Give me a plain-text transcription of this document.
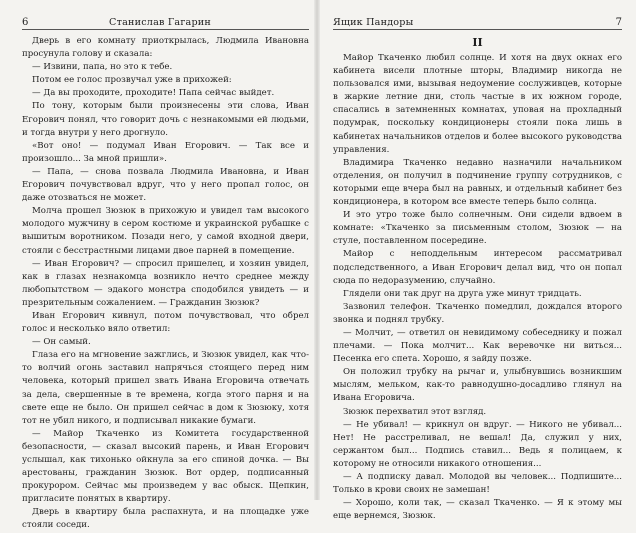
6	Станислав Гагарин

Дверь в его комнату приоткрылась, Людмила Ивановна просунула голову и сказала:

— Извини, папа, но это к тебе.

Потом ее голос прозвучал уже в прихожей:

— Да вы проходите, проходите! Папа сейчас выйдет.

По тону, которым были произнесены эти слова, Иван Егорович понял, что говорит дочь с незнакомыми ей людьми, и тогда внутри у него дрогнуло.

«Вот оно! — подумал Иван Егорович. — Так все и произошло... За мной пришли».

— Папа, — снова позвала Людмила Ивановна, и Иван Егорович почувствовал вдруг, что у него пропал голос, он даже отозваться не может.

Молча прошел Зюзюк в прихожую и увидел там высокого молодого мужчину в сером костюме и украинской рубашке с вышитым воротником. Позади него, у самой входной двери, стояли с бесстрастными лицами двое парней в помещение.

— Иван Егорович? — спросил пришелец, и хозяин увидел, как в глазах незнакомца возникло нечто среднее между любопытством — эдакого монстра сподобился увидеть — и презрительным сожалением. — Гражданин Зюзюк?

Иван Егорович кивнул, потом почувствовал, что обрел голос и несколько вяло ответил:

— Он самый.

Глаза его на мгновение зажглись, и Зюзюк увидел, как что-то волчий огонь заставил напрячься стоящего перед ним человека, который пришел звать Ивана Егоровича отвечать за дела, свершенные в те времена, когда этого парня и на свете еще не было. Он пришел сейчас в дом к Зюзюку, хотя тот не убил никого, и подписывал никакие бумаги.

— Майор Ткаченко из Комитета государственной безопасности, — сказал высокий парень, и Иван Егорович услышал, как тихонько ойкнула за его спиной дочка. — Вы арестованы, гражданин Зюзюк. Вот ордер, подписанный прокурором. Сейчас мы произведем у вас обыск. Щепкин, пригласите понятых в квартиру.

Дверь в квартиру была распахнута, и на площадке уже стояли соседи.

Ящик Пандоры	7
II

Майор Ткаченко любил солнце. И хотя на двух окнах его кабинета висели плотные шторы, Владимир никогда не пользовался ими, вызывая недоумение сослуживцев, которые в жаркие летние дни, столь частые в их южном городе, спасались в затемненных комнатах, уповая на прохладный подумрак, поскольку кондиционеры стояли пока лишь в кабинетах начальников отделов и более высокого руководства управления.

Владимира Ткаченко недавно назначили начальником отделения, он получил в подчинение группу сотрудников, с которыми еще вчера был на равных, и отдельный кабинет без кондиционера, в котором все вместе теперь было солнца.

И это утро тоже было солнечным. Они сидели вдвоем в комнате: «Ткаченко за письменным столом, Зюзюк — на стуле, поставленном посередине.

Майор с неподдельным интересом рассматривал подследственного, а Иван Егорович делал вид, что он попал сюда по недоразумению, случайно.

Глядели они так друг на друга уже минут тридцать.

Зазвонил телефон. Ткаченко помедлил, дождался второго звонка и поднял трубку.

— Молчит, — ответил он невидимому собеседнику и пожал плечами. — Пока молчит... Как веревочке ни виться... Песенка его спета. Хорошо, я зайду позже.

Он положил трубку на рычаг и, улыбнувшись возникшим мыслям, мельком, как-то равнодушно-досадливо глянул на Ивана Егоровича.

Зюзюк перехватил этот взгляд.

— Не убивал! — крикнул он вдруг. — Никого не убивал... Нет! Не расстреливал, не вешал! Да, служил у них, сержантом был... Подпись ставил... Ведь я полицаем, к которому не относили никакого отношения...

— А подписку давал. Молодой вы человек... Подпишите... Только в крови своих не замешан!

— Хорошо, коли так, — сказал Ткаченко. — Я к этому мы еще вернемся, Зюзюк.
